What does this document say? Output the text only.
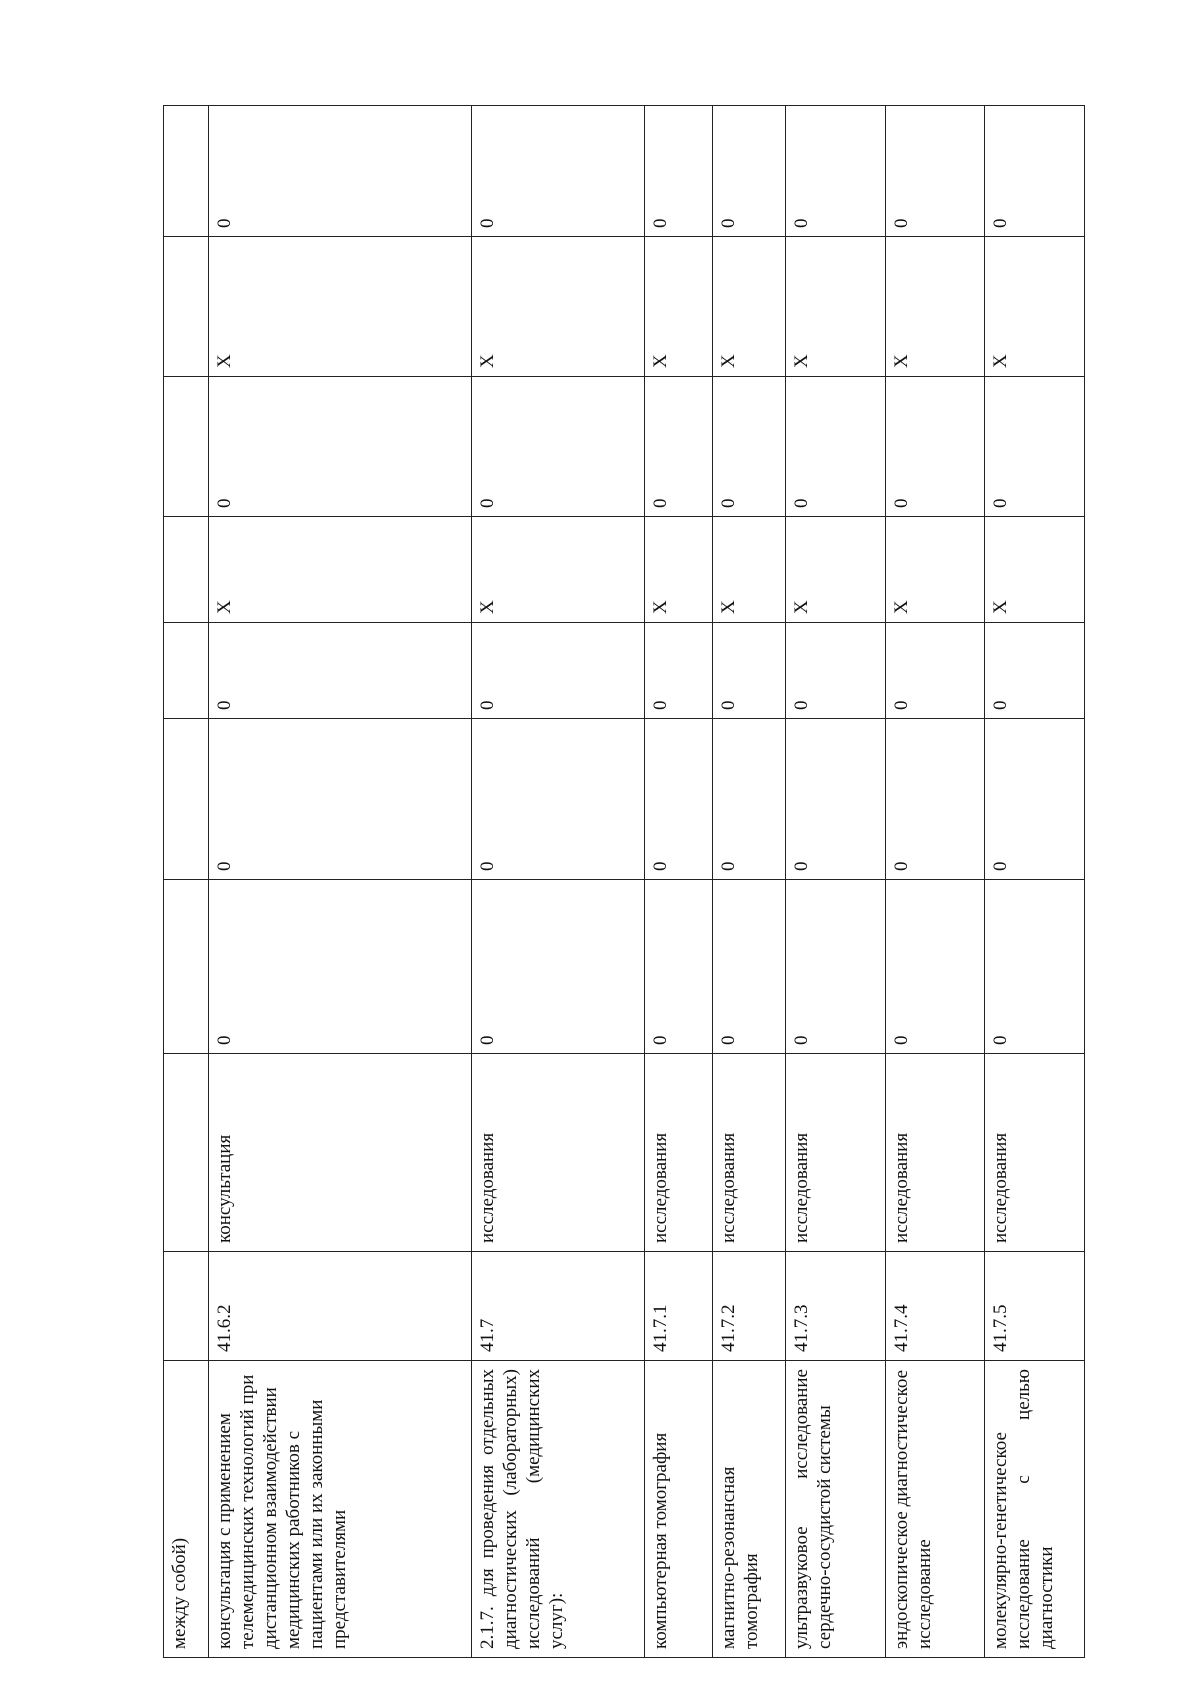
между собой)										
консультация с применением телемедицинских технологий при дистанционном взаимодействии медицинских работников с пациентами или их законными представителями	41.6.2	консультация	0	0	0	X	0	X	0	
2.1.7. для проведения отдельных диагностических (лабораторных) исследований (медицинских услуг):	41.7	исследования	0	0	0	X	0	X	0	
компьютерная томография	41.7.1	исследования	0	0	0	X	0	X	0	
магнитно-резонансная томография	41.7.2	исследования	0	0	0	X	0	X	0	
ультразвуковое исследование сердечно-сосудистой системы	41.7.3	исследования	0	0	0	X	0	X	0	
эндоскопическое диагностическое исследование	41.7.4	исследования	0	0	0	X	0	X	0	
молекулярно-генетическое исследование с целью диагностики	41.7.5	исследования	0	0	0	X	0	X	0	
